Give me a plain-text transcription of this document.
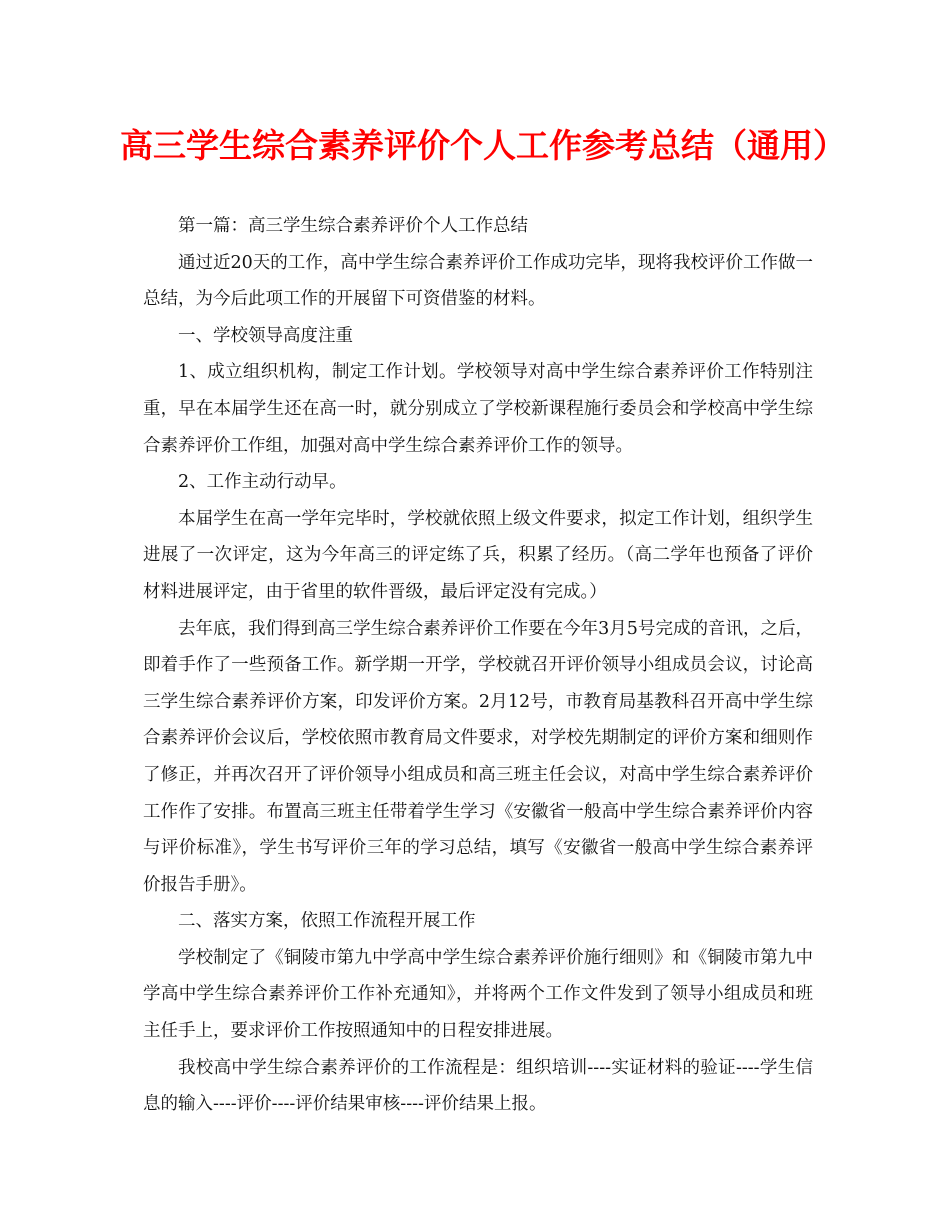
高三学生综合素养评价个人工作参考总结（通用）

第一篇：高三学生综合素养评价个人工作总结

通过近20天的工作，高中学生综合素养评价工作成功完毕，现将我校评价工作做一总结，为今后此项工作的开展留下可资借鉴的材料。

一、学校领导高度注重

1、成立组织机构，制定工作计划。学校领导对高中学生综合素养评价工作特别注重，早在本届学生还在高一时，就分别成立了学校新课程施行委员会和学校高中学生综合素养评价工作组，加强对高中学生综合素养评价工作的领导。

2、工作主动行动早。

本届学生在高一学年完毕时，学校就依照上级文件要求，拟定工作计划，组织学生进展了一次评定，这为今年高三的评定练了兵，积累了经历。（高二学年也预备了评价材料进展评定，由于省里的软件晋级，最后评定没有完成。）

去年底，我们得到高三学生综合素养评价工作要在今年3月5号完成的音讯，之后，即着手作了一些预备工作。新学期一开学，学校就召开评价领导小组成员会议，讨论高三学生综合素养评价方案，印发评价方案。2月12号，市教育局基教科召开高中学生综合素养评价会议后，学校依照市教育局文件要求，对学校先期制定的评价方案和细则作了修正，并再次召开了评价领导小组成员和高三班主任会议，对高中学生综合素养评价工作作了安排。布置高三班主任带着学生学习《安徽省一般高中学生综合素养评价内容与评价标准》，学生书写评价三年的学习总结，填写《安徽省一般高中学生综合素养评价报告手册》。

二、落实方案，依照工作流程开展工作

学校制定了《铜陵市第九中学高中学生综合素养评价施行细则》和《铜陵市第九中学高中学生综合素养评价工作补充通知》，并将两个工作文件发到了领导小组成员和班主任手上，要求评价工作按照通知中的日程安排进展。

我校高中学生综合素养评价的工作流程是：组织培训----实证材料的验证----学生信息的输入----评价----评价结果审核----评价结果上报。
